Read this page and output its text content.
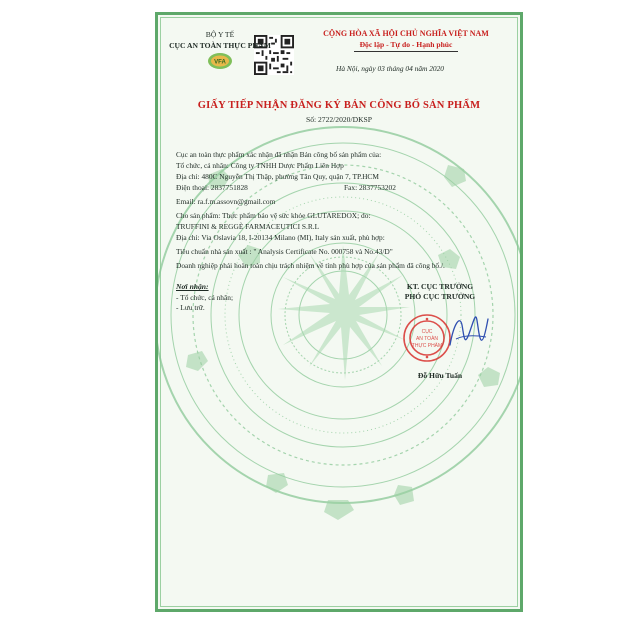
BỘ Y TẾ
CỤC AN TOÀN THỰC PHẨM
VFA
CỘNG HÒA XÃ HỘI CHỦ NGHĨA VIỆT NAM
Độc lập - Tự do - Hạnh phúc
Hà Nội, ngày 03 tháng 04 năm 2020
GIẤY TIẾP NHẬN ĐĂNG KÝ BẢN CÔNG BỐ SẢN PHẨM
Số: 2722/2020/DKSP
Cục an toàn thực phẩm xác nhận đã nhận Bản công bố sản phẩm của:
Tổ chức, cá nhân: Công ty TNHH Dược Phẩm Liên Hợp
Địa chỉ: 480C Nguyễn Thị Thập, phường Tân Quy, quận 7, TP.HCM
Điện thoại: 2837751828	Fax: 2837753202
Email: ra.f.m.assovn@gmail.com
Cho sản phẩm: Thực phẩm bảo vệ sức khỏe GLUTAREDOX; do:
TRUFFINI & REGGÈ FARMACEUTICI S.R.L
Địa chỉ: Via Oslavia 18, I-20134 Milano (MI), Italy sản xuất, phù hợp:
Tiêu chuẩn nhà sản xuất : " Analysis Certificate No. 000758 và No.43/D"
Doanh nghiệp phải hoàn toàn chịu trách nhiệm về tính phù hợp của sản phẩm đã công bố./.
Nơi nhận:
- Tổ chức, cá nhân;
- Lưu trữ.
KT. CỤC TRƯỞNG
PHÓ CỤC TRƯỞNG
CỤC
AN TOÀN
THỰC PHẨM
Đỗ Hữu Tuấn
